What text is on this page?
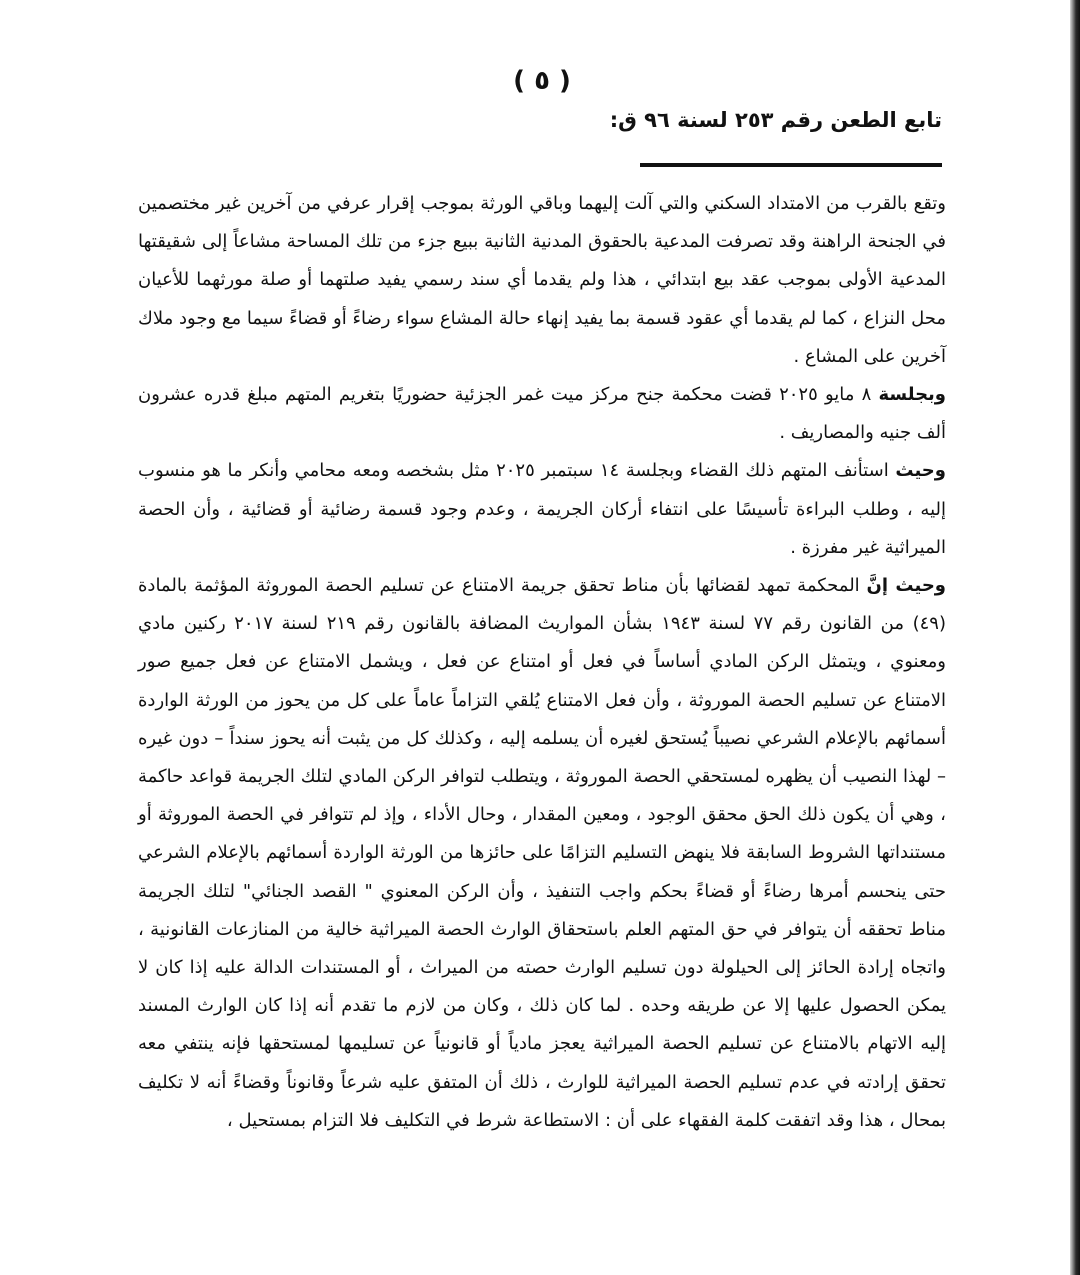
( ٥ )
تابع الطعن رقم ٢٥٣ لسنة ٩٦ ق:

وتقع بالقرب من الامتداد السكني والتي آلت إليهما وباقي الورثة بموجب إقرار عرفي من آخرين غير مختصمين في الجنحة الراهنة وقد تصرفت المدعية بالحقوق المدنية الثانية ببيع جزء من تلك المساحة مشاعاً إلى شقيقتها المدعية الأولى بموجب عقد بيع ابتدائي ، هذا ولم يقدما أي سند رسمي يفيد صلتهما أو صلة مورثهما للأعيان محل النزاع ، كما لم يقدما أي عقود قسمة بما يفيد إنهاء حالة المشاع سواء رضاءً أو قضاءً سيما مع وجود ملاك آخرين على المشاع .

وبجلسة ٨ مايو ٢٠٢٥ قضت محكمة جنح مركز ميت غمر الجزئية حضوريًا بتغريم المتهم مبلغ قدره عشرون ألف جنيه والمصاريف .

وحيث استأنف المتهم ذلك القضاء وبجلسة ١٤ سبتمبر ٢٠٢٥ مثل بشخصه ومعه محامي وأنكر ما هو منسوب إليه ، وطلب البراءة تأسيسًا على انتفاء أركان الجريمة ، وعدم وجود قسمة رضائية أو قضائية ، وأن الحصة الميراثية غير مفرزة .

وحيث إنَّ المحكمة تمهد لقضائها بأن مناط تحقق جريمة الامتناع عن تسليم الحصة الموروثة المؤثمة بالمادة (٤٩) من القانون رقم ٧٧ لسنة ١٩٤٣ بشأن المواريث المضافة بالقانون رقم ٢١٩ لسنة ٢٠١٧ ركنين مادي ومعنوي ، ويتمثل الركن المادي أساساً في فعل أو امتناع عن فعل ، ويشمل الامتناع عن فعل جميع صور الامتناع عن تسليم الحصة الموروثة ، وأن فعل الامتناع يُلقي التزاماً عاماً على كل من يحوز من الورثة الواردة أسمائهم بالإعلام الشرعي نصيباً يُستحق لغيره أن يسلمه إليه ، وكذلك كل من يثبت أنه يحوز سنداً – دون غيره – لهذا النصيب أن يظهره لمستحقي الحصة الموروثة ، ويتطلب لتوافر الركن المادي لتلك الجريمة قواعد حاكمة ، وهي أن يكون ذلك الحق محقق الوجود ، ومعين المقدار ، وحال الأداء ، وإذ لم تتوافر في الحصة الموروثة أو مستنداتها الشروط السابقة فلا ينهض التسليم التزامًا على حائزها من الورثة الواردة أسمائهم بالإعلام الشرعي حتى ينحسم أمرها رضاءً أو قضاءً بحكم واجب التنفيذ ، وأن الركن المعنوي " القصد الجنائي" لتلك الجريمة مناط تحققه أن يتوافر في حق المتهم العلم باستحقاق الوارث الحصة الميراثية خالية من المنازعات القانونية ، واتجاه إرادة الحائز إلى الحيلولة دون تسليم الوارث حصته من الميراث ، أو المستندات الدالة عليه إذا كان لا يمكن الحصول عليها إلا عن طريقه وحده . لما كان ذلك ، وكان من لازم ما تقدم أنه إذا كان الوارث المسند إليه الاتهام بالامتناع عن تسليم الحصة الميراثية يعجز مادياً أو قانونياً عن تسليمها لمستحقها فإنه ينتفي معه تحقق إرادته في عدم تسليم الحصة الميراثية للوارث ، ذلك أن المتفق عليه شرعاً وقانوناً وقضاءً أنه لا تكليف بمحال ، هذا وقد اتفقت كلمة الفقهاء على أن : الاستطاعة شرط في التكليف فلا التزام بمستحيل ،
